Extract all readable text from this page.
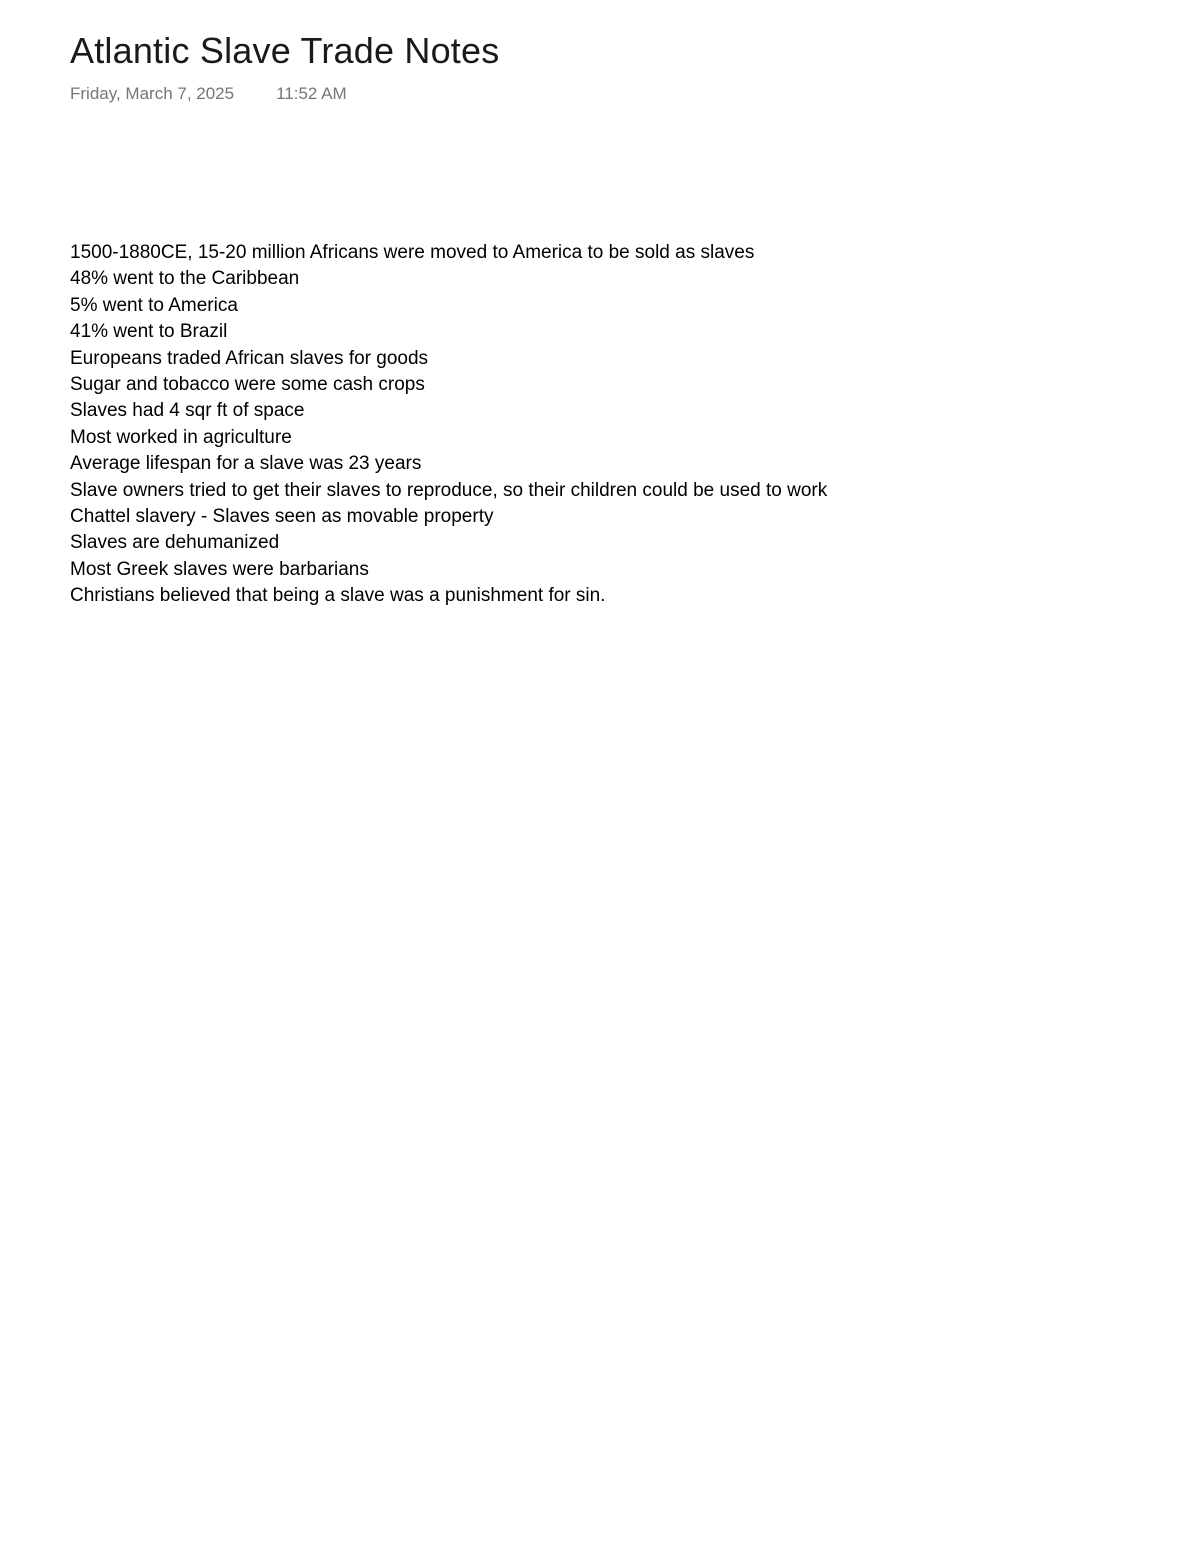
Atlantic Slave Trade Notes
Friday, March 7, 2025 11:52 AM
1500-1880CE, 15-20 million Africans were moved to America to be sold as slaves
48% went to the Caribbean
5% went to America
41% went to Brazil
Europeans traded African slaves for goods
Sugar and tobacco were some cash crops
Slaves had 4 sqr ft of space
Most worked in agriculture
Average lifespan for a slave was 23 years
Slave owners tried to get their slaves to reproduce, so their children could be used to work
Chattel slavery - Slaves seen as movable property
Slaves are dehumanized
Most Greek slaves were barbarians
Christians believed that being a slave was a punishment for sin.
